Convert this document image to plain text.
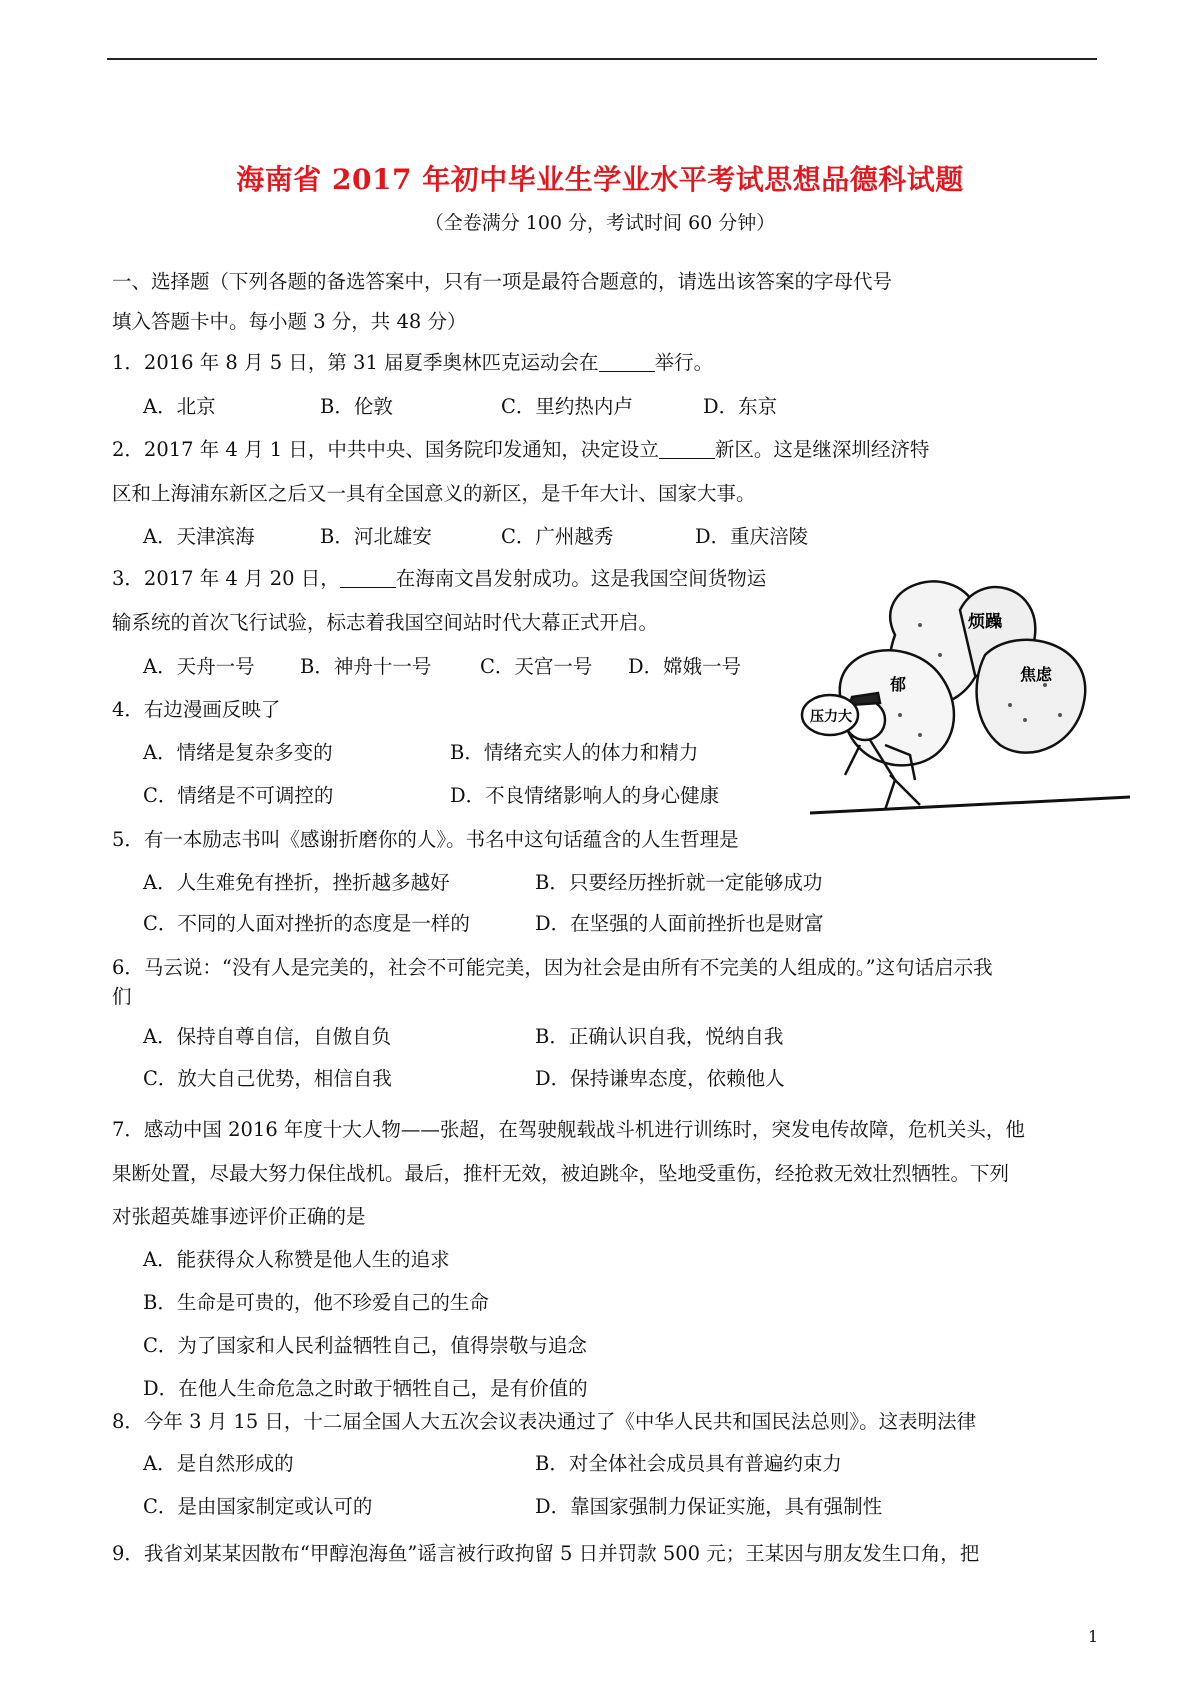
海南省 2017 年初中毕业生学业水平考试思想品德科试题
（全卷满分 100 分，考试时间 60 分钟）
一、选择题（下列各题的备选答案中，只有一项是最符合题意的，请选出该答案的字母代号
填入答题卡中。每小题 3 分，共 48 分）
1．2016 年 8 月 5 日，第 31 届夏季奥林匹克运动会在	举行。
A．北京	B．伦敦	C．里约热内卢	D．东京
2．2017 年 4 月 1 日，中共中央、国务院印发通知，决定设立	新区。这是继深圳经济特
区和上海浦东新区之后又一具有全国意义的新区，是千年大计、国家大事。
A．天津滨海	B．河北雄安	C．广州越秀	D．重庆涪陵
3．2017 年 4 月 20 日，	在海南文昌发射成功。这是我国空间货物运
输系统的首次飞行试验，标志着我国空间站时代大幕正式开启。
A．天舟一号 B．神舟十一号 C．天宫一号 D．嫦娥一号
烦躁
焦虑
郁
压力大
4．右边漫画反映了
A．情绪是复杂多变的	B．情绪充实人的体力和精力
C．情绪是不可调控的	D．不良情绪影响人的身心健康
5．有一本励志书叫《感谢折磨你的人》。书名中这句话蕴含的人生哲理是
A．人生难免有挫折，挫折越多越好	B．只要经历挫折就一定能够成功
C．不同的人面对挫折的态度是一样的	D．在坚强的人面前挫折也是财富
6．马云说：“没有人是完美的，社会不可能完美，因为社会是由所有不完美的人组成的。”这句话启示我
们
A．保持自尊自信，自傲自负	B．正确认识自我，悦纳自我
C．放大自己优势，相信自我	D．保持谦卑态度，依赖他人
7．感动中国 2016 年度十大人物——张超，在驾驶舰载战斗机进行训练时，突发电传故障，危机关头，他
果断处置，尽最大努力保住战机。最后，推杆无效，被迫跳伞，坠地受重伤，经抢救无效壮烈牺牲。下列
对张超英雄事迹评价正确的是
A．能获得众人称赞是他人生的追求
B．生命是可贵的，他不珍爱自己的生命
C．为了国家和人民利益牺牲自己，值得崇敬与追念
D．在他人生命危急之时敢于牺牲自己，是有价值的
8．今年 3 月 15 日，十二届全国人大五次会议表决通过了《中华人民共和国民法总则》。这表明法律
A．是自然形成的	B．对全体社会成员具有普遍约束力
C．是由国家制定或认可的	D．靠国家强制力保证实施，具有强制性
9．我省刘某某因散布“甲醇泡海鱼”谣言被行政拘留 5 日并罚款 500 元；王某因与朋友发生口角，把
1
